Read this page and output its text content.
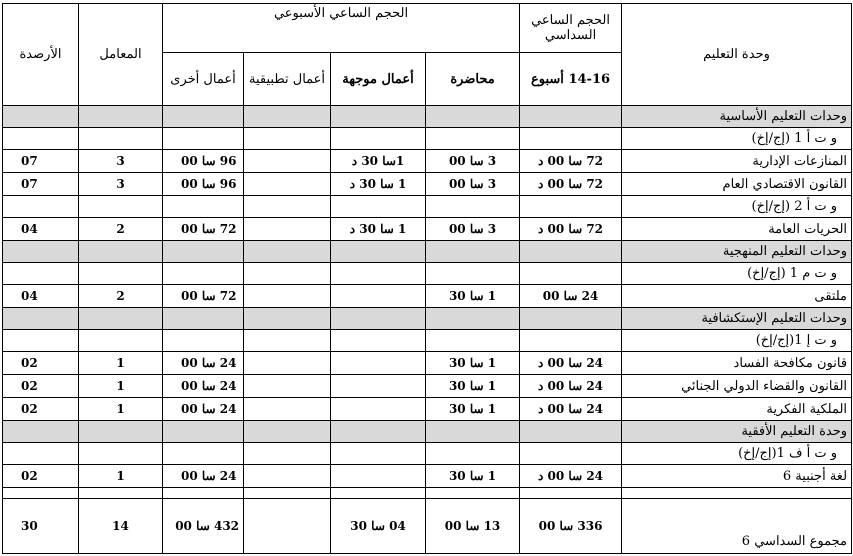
وحدة التعليم	الحجم الساعي السداسي	الحجم الساعي الأسبوعي				المعامل	الأرصدة
	14-16 أسبوع	محاضرة	أعمال موجهة	أعمال تطبيقية	أعمال أخرى		

وحدات التعليم الأساسية							
و ت أ 1 (إج/إخ)							
المنازعات الإدارية	72 سا 00 د	3 سا 00	1سا 30 د		96 سا 00	3	07
القانون الاقتصادي العام	72 سا 00 د	3 سا 00	1 سا 30 د		96 سا 00	3	07
و ت أ 2 (إج/إخ)							
الحريات العامة	72 سا 00 د	3 سا 00	1 سا 30 د		72 سا 00	2	04
وحدات التعليم المنهجية							
و ت م 1 (إج/إخ)							
ملتقى	24 سا 00	1 سا 30			72 سا 00	2	04
وحدات التعليم الإستكشافية							
و ت إ 1(إج/إخ)							
قانون مكافحة الفساد	24 سا 00 د	1 سا 30			24 سا 00	1	02
القانون والقضاء الدولي الجنائي	24 سا 00 د	1 سا 30			24 سا 00	1	02
الملكية الفكرية	24 سا 00 د	1 سا 30			24 سا 00	1	02
وحدة التعليم الأفقية							
و ت أ ف 1(إج/إخ)							
لغة أجنبية 6	24 سا 00 د	1 سا 30			24 سا 00	1	02

مجموع السداسي 6	336 سا 00	13 سا 00	04 سا 30		432 سا 00	14	30
